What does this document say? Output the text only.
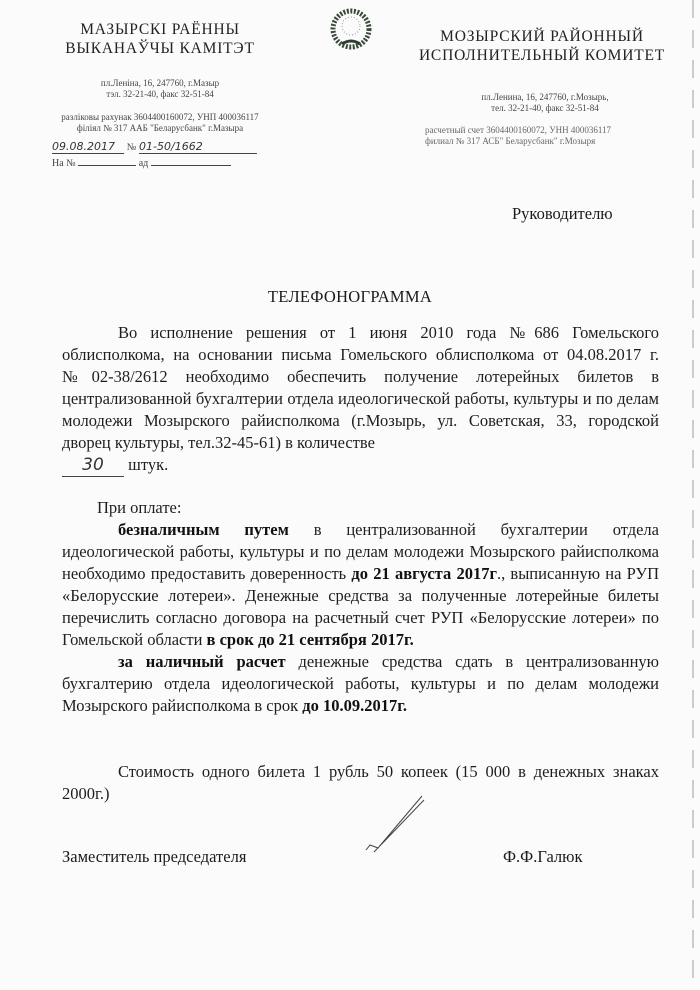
МАЗЫРСКІ РАЁННЫ
ВЫКАНАЎЧЫ КАМІТЭТ
пл.Леніна, 16, 247760, г.Мазыр
тэл. 32-21-40, факс 32-51-84
разліковы рахунак 3604400160072, УНП 400036117
філіял № 317 ААБ "Беларусбанк" г.Мазыра
09.08.2017 № 01-50/1662
На №	ад
МОЗЫРСКИЙ РАЙОННЫЙ
ИСПОЛНИТЕЛЬНЫЙ КОМИТЕТ
пл.Ленина, 16, 247760, г.Мозырь,
тел. 32-21-40, факс 32-51-84
расчетный счет 3604400160072, УНН 400036117
филиал № 317 АСБ" Беларусбанк" г.Мозыря
Руководителю
ТЕЛЕФОНОГРАММА

Во исполнение решения от 1 июня 2010 года №686 Гомельского облисполкома, на основании письма Гомельского облисполкома от 04.08.2017 г. №02-38/2612 необходимо обеспечить получение лотерейных билетов в централизованной бухгалтерии отдела идеологической работы, культуры и по делам молодежи Мозырского райисполкома (г.Мозырь, ул. Советская, 33, городской дворец культуры, тел.32-45-61) в количестве

30 штук.

При оплате:

безналичным путем в централизованной бухгалтерии отдела идеологической работы, культуры и по делам молодежи Мозырского райисполкома необходимо предоставить доверенность до 21 августа 2017г., выписанную на РУП «Белорусские лотереи». Денежные средства за полученные лотерейные билеты перечислить согласно договора на расчетный счет РУП «Белорусские лотереи» по Гомельской области в срок до 21 сентября 2017г.

за наличный расчет денежные средства сдать в централизованную бухгалтерию отдела идеологической работы, культуры и по делам молодежи Мозырского райисполкома в срок до 10.09.2017г.

Стоимость одного билета 1 рубль 50 копеек (15 000 в денежных знаках 2000г.)

Заместитель председателя	Ф.Ф.Галюк
